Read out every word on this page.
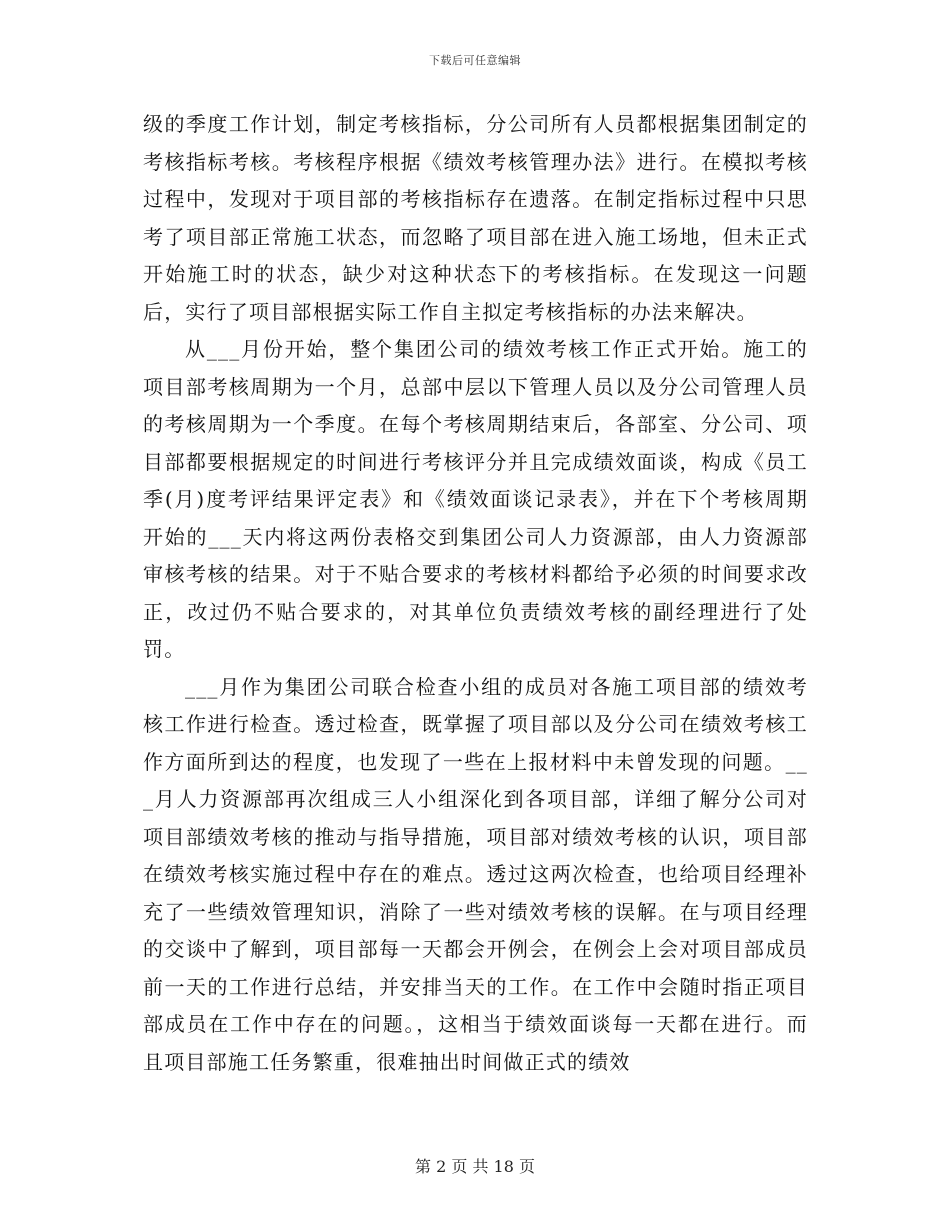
下载后可任意编辑

级的季度工作计划，制定考核指标，分公司所有人员都根据集团制定的考核指标考核。考核程序根据《绩效考核管理办法》进行。在模拟考核过程中，发现对于项目部的考核指标存在遗落。在制定指标过程中只思考了项目部正常施工状态，而忽略了项目部在进入施工场地，但未正式开始施工时的状态，缺少对这种状态下的考核指标。在发现这一问题后，实行了项目部根据实际工作自主拟定考核指标的办法来解决。

从___月份开始，整个集团公司的绩效考核工作正式开始。施工的项目部考核周期为一个月，总部中层以下管理人员以及分公司管理人员的考核周期为一个季度。在每个考核周期结束后，各部室、分公司、项目部都要根据规定的时间进行考核评分并且完成绩效面谈，构成《员工季(月)度考评结果评定表》和《绩效面谈记录表》，并在下个考核周期开始的___天内将这两份表格交到集团公司人力资源部，由人力资源部审核考核的结果。对于不贴合要求的考核材料都给予必须的时间要求改正，改过仍不贴合要求的，对其单位负责绩效考核的副经理进行了处罚。

___月作为集团公司联合检查小组的成员对各施工项目部的绩效考核工作进行检查。透过检查，既掌握了项目部以及分公司在绩效考核工作方面所到达的程度，也发现了一些在上报材料中未曾发现的问题。___月人力资源部再次组成三人小组深化到各项目部，详细了解分公司对项目部绩效考核的推动与指导措施，项目部对绩效考核的认识，项目部在绩效考核实施过程中存在的难点。透过这两次检查，也给项目经理补充了一些绩效管理知识，消除了一些对绩效考核的误解。在与项目经理的交谈中了解到，项目部每一天都会开例会，在例会上会对项目部成员前一天的工作进行总结，并安排当天的工作。在工作中会随时指正项目部成员在工作中存在的问题。，这相当于绩效面谈每一天都在进行。而且项目部施工任务繁重，很难抽出时间做正式的绩效

第 2 页 共 18 页
